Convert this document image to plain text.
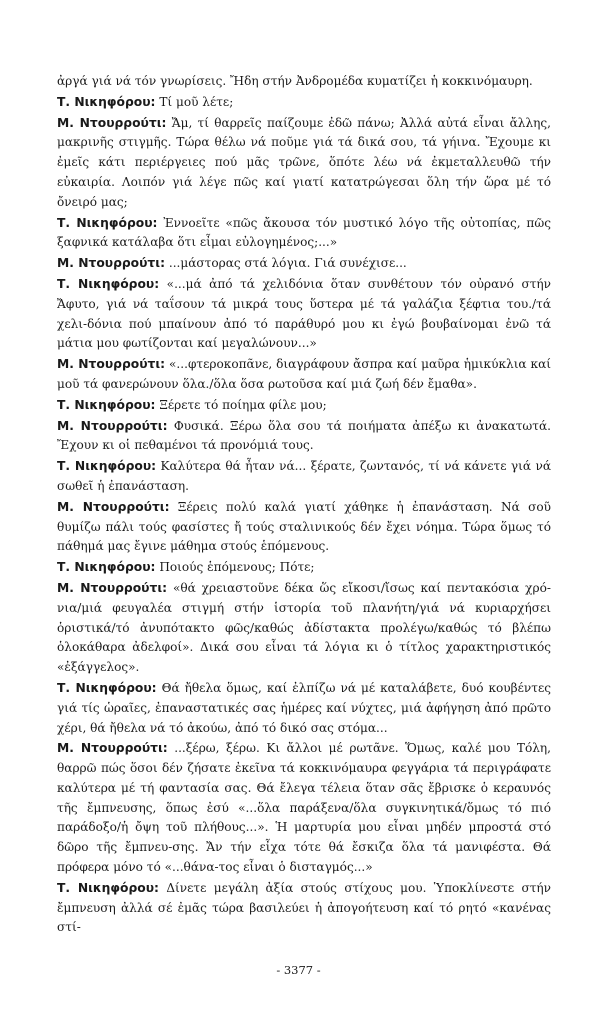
ἀργά γιά νά τόν γνωρίσεις. Ἤδη στήν Ἀνδρομέδα κυματίζει ἡ κοκκινόμαυρη.

Τ. Νικηφόρου: Τί μοῦ λέτε;

Μ. Ντουρρούτι: Ἄμ, τί θαρρεῖς παίζουμε ἐδῶ πάνω; Ἀλλά αὐτά εἶναι ἄλλης, μακρινῆς στιγμῆς. Τώρα θέλω νά ποῦμε γιά τά δικά σου, τά γήινα. Ἔχουμε κι ἐμεῖς κάτι περιέργειες πού μᾶς τρῶνε, ὅπότε λέω νά ἐκμεταλλευθῶ τήν εὐκαιρία. Λοιπόν γιά λέγε πῶς καί γιατί κατατρώγεσαι ὅλη τήν ὥρα μέ τό ὄνειρό μας;

Τ. Νικηφόρου: Ἐννοεῖτε «πῶς ἄκουσα τόν μυστικό λόγο τῆς οὐτοπίας, πῶς ξαφνικά κατάλαβα ὅτι εἶμαι εὐλογημένος;...»

Μ. Ντουρρούτι: ...μάστορας στά λόγια. Γιά συνέχισε...

Τ. Νικηφόρου: «...μά ἀπό τά χελιδόνια ὅταν συνθέτουν τόν οὐρανό στήν Ἄφυτο, γιά νά ταΐσουν τά μικρά τους ὕστερα μέ τά γαλάζια ξέφτια του./τά χελι-δόνια πού μπαίνουν ἀπό τό παράθυρό μου κι ἐγώ βουβαίνομαι ἐνῶ τά μάτια μου φωτίζονται καί μεγαλώνουν...»

Μ. Ντουρρούτι: «...φτεροκοπᾶνε, διαγράφουν ἄσπρα καί μαῦρα ἡμικύκλια καί μοῦ τά φανερώνουν ὅλα./ὅλα ὅσα ρωτοῦσα καί μιά ζωή δέν ἔμαθα».

Τ. Νικηφόρου: Ξέρετε τό ποίημα φίλε μου;

Μ. Ντουρρούτι: Φυσικά. Ξέρω ὅλα σου τά ποιήματα ἀπέξω κι ἀνακατωτά. Ἔχουν κι οἱ πεθαμένοι τά προνόμιά τους.

Τ. Νικηφόρου: Καλύτερα θά ἦταν νά... ξέρατε, ζωντανός, τί νά κάνετε γιά νά σωθεῖ ἡ ἐπανάσταση.

Μ. Ντουρρούτι: Ξέρεις πολύ καλά γιατί χάθηκε ἡ ἐπανάσταση. Νά σοῦ θυμίζω πάλι τούς φασίστες ἤ τούς σταλινικούς δέν ἔχει νόημα. Τώρα ὅμως τό πάθημά μας ἔγινε μάθημα στούς ἑπόμενους.

Τ. Νικηφόρου: Ποιούς ἑπόμενους; Πότε;

Μ. Ντουρρούτι: «θά χρειαστοῦνε δέκα ὥς εἴκοσι/ἴσως καί πεντακόσια χρό-νια/μιά φευγαλέα στιγμή στήν ἱστορία τοῦ πλανήτη/γιά νά κυριαρχήσει ὁριστικά/τό ἀνυπότακτο φῶς/καθώς ἀδίστακτα προλέγω/καθώς τό βλέπω ὁλοκάθαρα ἀδελφοί». Δικά σου εἶναι τά λόγια κι ὁ τίτλος χαρακτηριστικός «ἐξάγγελος».

Τ. Νικηφόρου: Θά ἤθελα ὅμως, καί ἐλπίζω νά μέ καταλάβετε, δυό κουβέντες γιά τίς ὡραῖες, ἐπαναστατικές σας ἡμέρες καί νύχτες, μιά ἀφήγηση ἀπό πρῶτο χέρι, θά ἤθελα νά τό ἀκούω, ἀπό τό δικό σας στόμα...

Μ. Ντουρρούτι: ...ξέρω, ξέρω. Κι ἄλλοι μέ ρωτᾶνε. Ὅμως, καλέ μου Τόλη, θαρρῶ πώς ὅσοι δέν ζήσατε ἐκεῖνα τά κοκκινόμαυρα φεγγάρια τά περιγράφατε καλύτερα μέ τή φαντασία σας. Θά ἔλεγα τέλεια ὅταν σᾶς ἔβρισκε ὁ κεραυνός τῆς ἔμπνευσης, ὅπως ἐσύ «...ὅλα παράξενα/ὅλα συγκινητικά/ὅμως τό πιό παράδοξο/ἡ ὄψη τοῦ πλήθους...». Ἡ μαρτυρία μου εἶναι μηδέν μπροστά στό δῶρο τῆς ἔμπνευ-σης. Ἄν τήν εἶχα τότε θά ἔσκιζα ὅλα τά μανιφέστα. Θά πρόφερα μόνο τό «...θάνα-τος εἶναι ὁ δισταγμός...»

Τ. Νικηφόρου: Δίνετε μεγάλη ἀξία στούς στίχους μου. Ὑποκλίνεστε στήν ἔμπνευση ἀλλά σέ ἐμᾶς τώρα βασιλεύει ἡ ἀπογοήτευση καί τό ρητό «κανένας στί-

- 3377 -
